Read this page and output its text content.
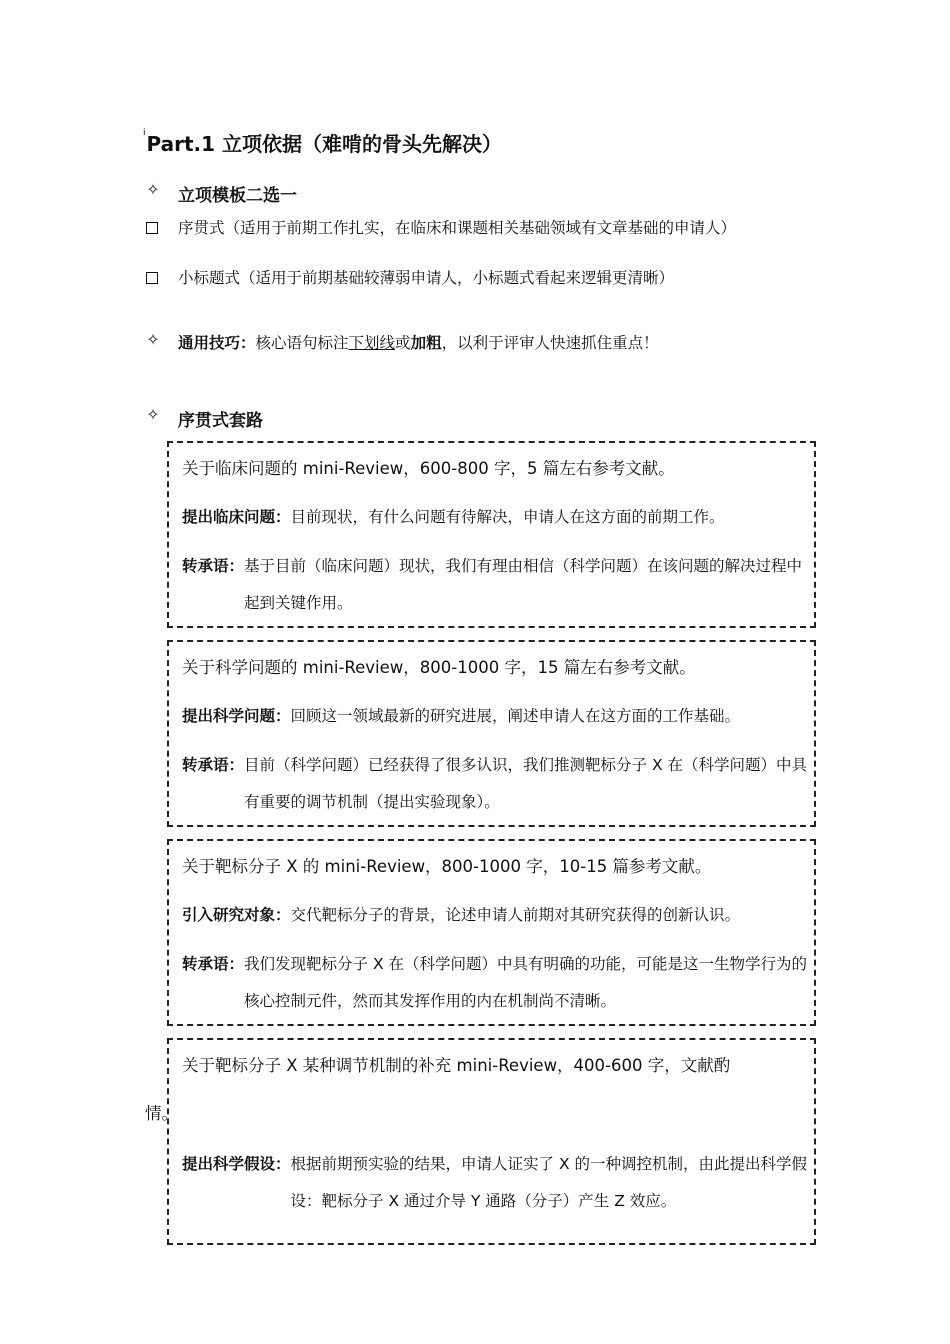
$^i$Part.1 立项依据（难啃的骨头先解决）
✧ 立项模板二选一
序贯式（适用于前期工作扎实，在临床和课题相关基础领域有文章基础的申请人）
小标题式（适用于前期基础较薄弱申请人，小标题式看起来逻辑更清晰）
✧ 通用技巧：核心语句标注下划线或加粗，以利于评审人快速抓住重点！
✧ 序贯式套路
关于临床问题的 mini-Review，600-800 字，5 篇左右参考文献。
提出临床问题： 目前现状，有什么问题有待解决，申请人在这方面的前期工作。
转承语： 基于目前（临床问题）现状，我们有理由相信（科学问题）在该问题的解决过程中起到关键作用。
关于科学问题的 mini-Review，800-1000 字，15 篇左右参考文献。
提出科学问题： 回顾这一领域最新的研究进展，阐述申请人在这方面的工作基础。
转承语： 目前（科学问题）已经获得了很多认识，我们推测靶标分子 X 在（科学问题）中具有重要的调节机制（提出实验现象）。
关于靶标分子 X 的 mini-Review，800-1000 字，10-15 篇参考文献。
引入研究对象： 交代靶标分子的背景，论述申请人前期对其研究获得的创新认识。
转承语： 我们发现靶标分子 X 在（科学问题）中具有明确的功能，可能是这一生物学行为的核心控制元件，然而其发挥作用的内在机制尚不清晰。
关于靶标分子 X 某种调节机制的补充 mini-Review，400-600 字，文献酌
提出科学假设： 根据前期预实验的结果，申请人证实了 X 的一种调控机制，由此提出科学假设：靶标分子 X 通过介导 Y 通路（分子）产生 Z 效应。
情。
